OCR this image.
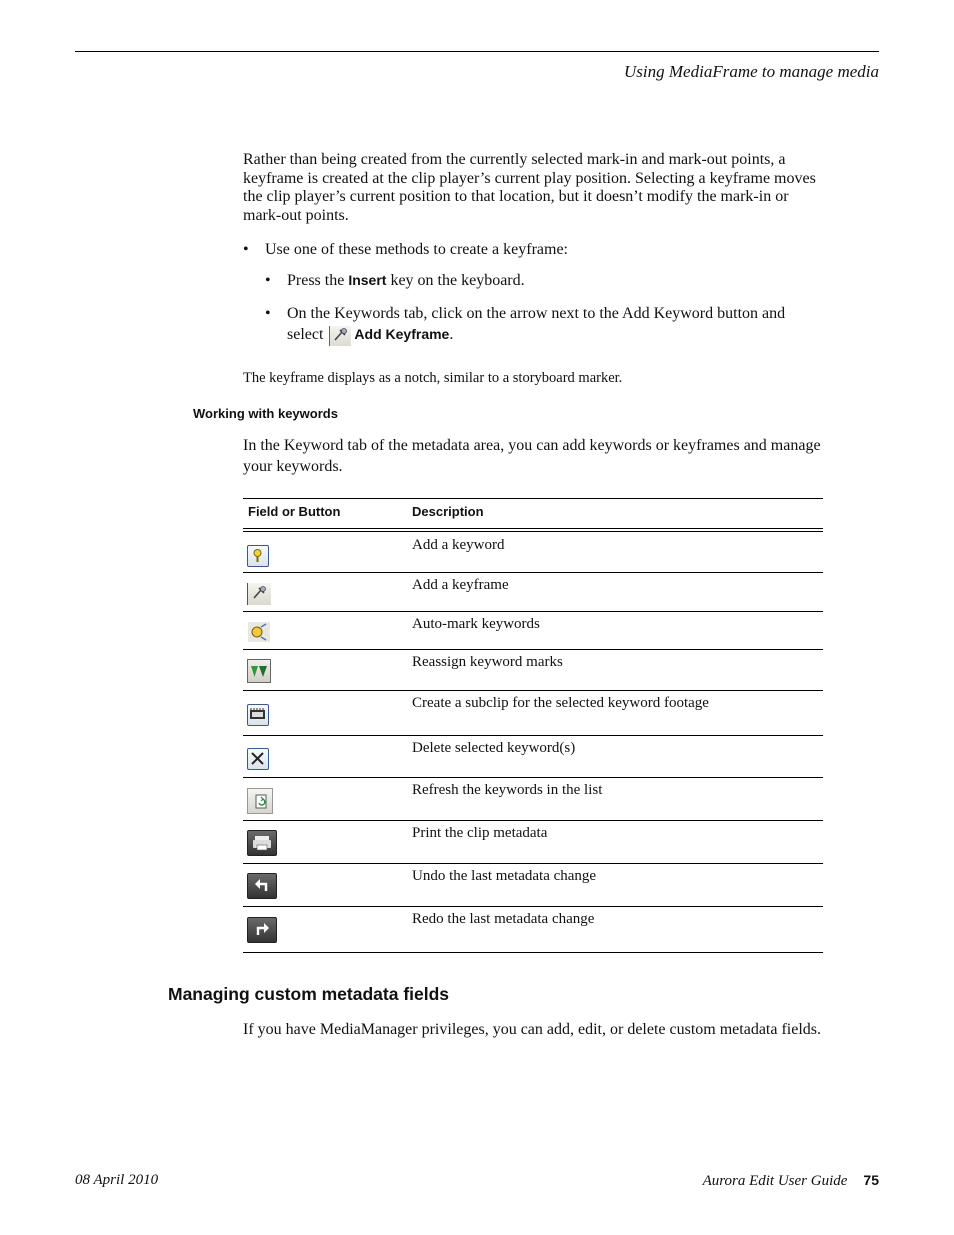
Using MediaFrame to manage media
Rather than being created from the currently selected mark-in and mark-out points, a keyframe is created at the clip player’s current play position. Selecting a keyframe moves the clip player’s current position to that location, but it doesn’t modify the mark-in or mark-out points.
• Use one of these methods to create a keyframe:
• Press the Insert key on the keyboard.
• On the Keywords tab, click on the arrow next to the Add Keyword button and select Add Keyframe.
The keyframe displays as a notch, similar to a storyboard marker.
Working with keywords
In the Keyword tab of the metadata area, you can add keywords or keyframes and manage your keywords.
Field or Button	Description
Add a keyword
Add a keyframe
Auto-mark keywords
Reassign keyword marks
Create a subclip for the selected keyword footage
Delete selected keyword(s)
Refresh the keywords in the list
Print the clip metadata
Undo the last metadata change
Redo the last metadata change
Managing custom metadata fields
If you have MediaManager privileges, you can add, edit, or delete custom metadata fields.
08 April 2010	Aurora Edit User Guide 75
